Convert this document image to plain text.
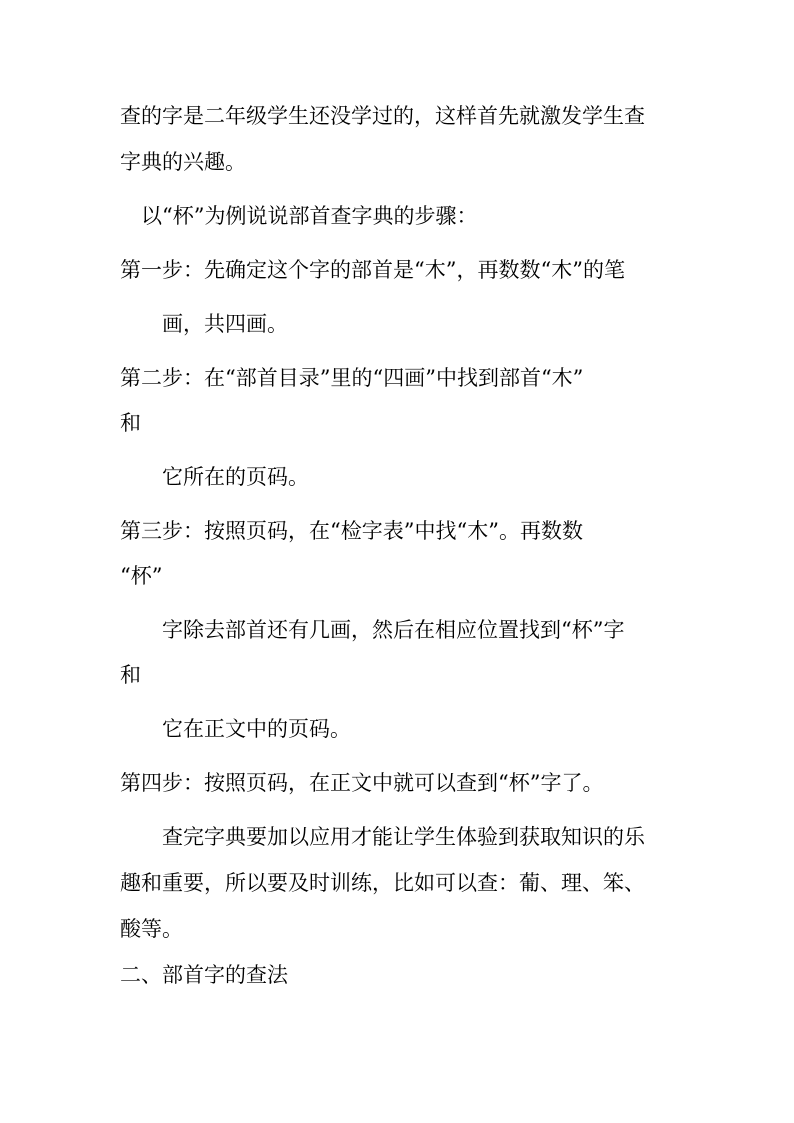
查的字是二年级学生还没学过的，这样首先就激发学生查

字典的兴趣。

以“杯”为例说说部首查字典的步骤：

第一步：先确定这个字的部首是“木”，再数数“木”的笔

画，共四画。

第二步：在“部首目录”里的“四画”中找到部首“木”

和

它所在的页码。

第三步：按照页码，在“检字表”中找“木”。再数数

“杯”

字除去部首还有几画，然后在相应位置找到“杯”字

和

它在正文中的页码。

第四步：按照页码，在正文中就可以查到“杯”字了。

查完字典要加以应用才能让学生体验到获取知识的乐

趣和重要，所以要及时训练，比如可以查：葡、理、笨、

酸等。

二、部首字的查法
